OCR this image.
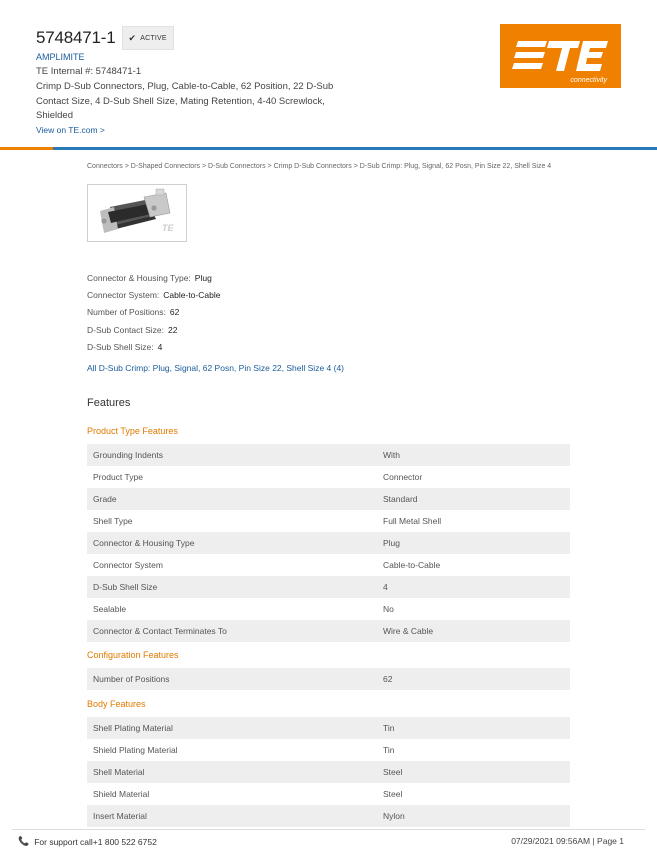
5748471-1 ✔ ACTIVE
AMPLIMITE
TE Internal #: 5748471-1
Crimp D-Sub Connectors, Plug, Cable-to-Cable, 62 Position, 22 D-Sub Contact Size, 4 D-Sub Shell Size, Mating Retention, 4-40 Screwlock, Shielded
View on TE.com >
connectivity
Connectors > D-Shaped Connectors > D-Sub Connectors > Crimp D-Sub Connectors > D-Sub Crimp: Plug, Signal, 62 Posn, Pin Size 22, Shell Size 4
TE
Connector & Housing Type: Plug
Connector System: Cable-to-Cable
Number of Positions: 62
D-Sub Contact Size: 22
D-Sub Shell Size: 4
All D-Sub Crimp: Plug, Signal, 62 Posn, Pin Size 22, Shell Size 4 (4)
Features
Product Type Features
Grounding Indents	With
Product Type	Connector
Grade	Standard
Shell Type	Full Metal Shell
Connector & Housing Type	Plug
Connector System	Cable-to-Cable
D-Sub Shell Size	4
Sealable	No
Connector & Contact Terminates To	Wire & Cable
Configuration Features
Number of Positions	62
Body Features
Shell Plating Material	Tin
Shield Plating Material	Tin
Shell Material	Steel
Shield Material	Steel
Insert Material	Nylon
📞 For support call+1 800 522 6752	07/29/2021 09:56AM | Page 1
